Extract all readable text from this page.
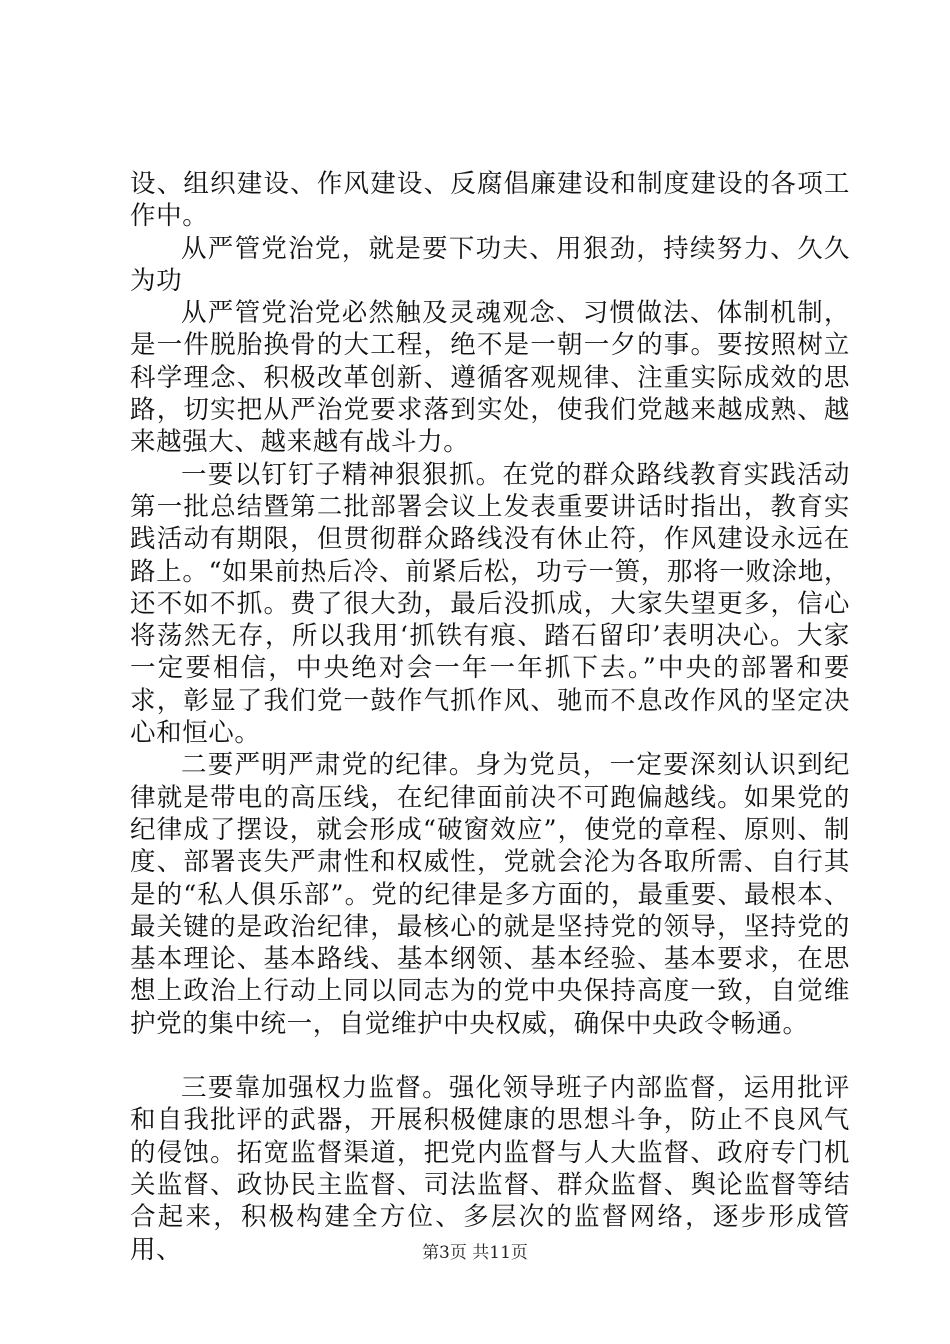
设、组织建设、作风建设、反腐倡廉建设和制度建设的各项工作中。

从严管党治党，就是要下功夫、用狠劲，持续努力、久久为功

从严管党治党必然触及灵魂观念、习惯做法、体制机制，是一件脱胎换骨的大工程，绝不是一朝一夕的事。要按照树立科学理念、积极改革创新、遵循客观规律、注重实际成效的思路，切实把从严治党要求落到实处，使我们党越来越成熟、越来越强大、越来越有战斗力。

一要以钉钉子精神狠狠抓。在党的群众路线教育实践活动第一批总结暨第二批部署会议上发表重要讲话时指出，教育实践活动有期限，但贯彻群众路线没有休止符，作风建设永远在路上。“如果前热后冷、前紧后松，功亏一篑，那将一败涂地，还不如不抓。费了很大劲，最后没抓成，大家失望更多，信心将荡然无存，所以我用‘抓铁有痕、踏石留印’表明决心。大家一定要相信，中央绝对会一年一年抓下去。”中央的部署和要求，彰显了我们党一鼓作气抓作风、驰而不息改作风的坚定决心和恒心。

二要严明严肃党的纪律。身为党员，一定要深刻认识到纪律就是带电的高压线，在纪律面前决不可跑偏越线。如果党的纪律成了摆设，就会形成“破窗效应”，使党的章程、原则、制度、部署丧失严肃性和权威性，党就会沦为各取所需、自行其是的“私人俱乐部”。党的纪律是多方面的，最重要、最根本、最关键的是政治纪律，最核心的就是坚持党的领导，坚持党的基本理论、基本路线、基本纲领、基本经验、基本要求，在思想上政治上行动上同以同志为的党中央保持高度一致，自觉维护党的集中统一，自觉维护中央权威，确保中央政令畅通。

三要靠加强权力监督。强化领导班子内部监督，运用批评和自我批评的武器，开展积极健康的思想斗争，防止不良风气的侵蚀。拓宽监督渠道，把党内监督与人大监督、政府专门机关监督、政协民主监督、司法监督、群众监督、舆论监督等结合起来，积极构建全方位、多层次的监督网络，逐步形成管用、	第3页 共11页
